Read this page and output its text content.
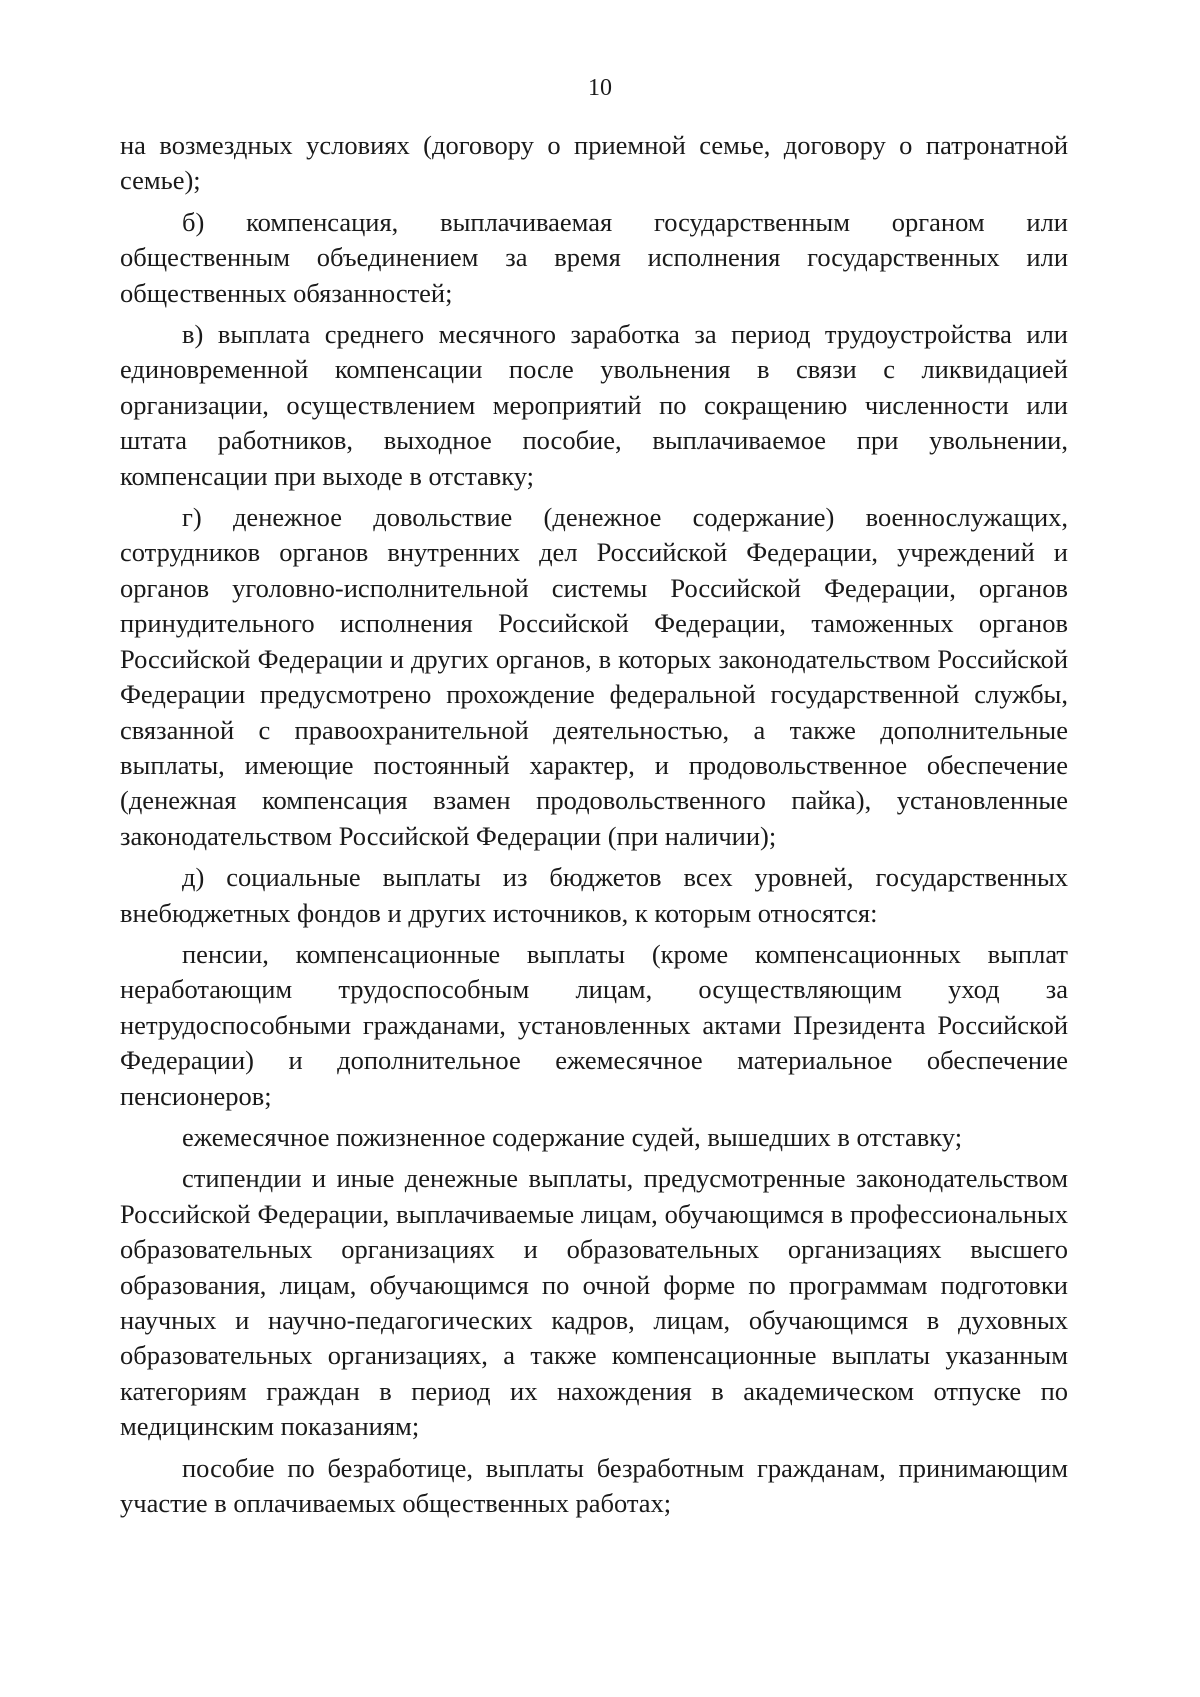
10

на возмездных условиях (договору о приемной семье, договору о патронатной семье);

б) компенсация, выплачиваемая государственным органом или общественным объединением за время исполнения государственных или общественных обязанностей;

в) выплата среднего месячного заработка за период трудоустройства или единовременной компенсации после увольнения в связи с ликвидацией организации, осуществлением мероприятий по сокращению численности или штата работников, выходное пособие, выплачиваемое при увольнении, компенсации при выходе в отставку;

г) денежное довольствие (денежное содержание) военнослужащих, сотрудников органов внутренних дел Российской Федерации, учреждений и органов уголовно-исполнительной системы Российской Федерации, органов принудительного исполнения Российской Федерации, таможенных органов Российской Федерации и других органов, в которых законодательством Российской Федерации предусмотрено прохождение федеральной государственной службы, связанной с правоохранительной деятельностью, а также дополнительные выплаты, имеющие постоянный характер, и продовольственное обеспечение (денежная компенсация взамен продовольственного пайка), установленные законодательством Российской Федерации (при наличии);

д) социальные выплаты из бюджетов всех уровней, государственных внебюджетных фондов и других источников, к которым относятся:

пенсии, компенсационные выплаты (кроме компенсационных выплат неработающим трудоспособным лицам, осуществляющим уход за нетрудоспособными гражданами, установленных актами Президента Российской Федерации) и дополнительное ежемесячное материальное обеспечение пенсионеров;

ежемесячное пожизненное содержание судей, вышедших в отставку;

стипендии и иные денежные выплаты, предусмотренные законодательством Российской Федерации, выплачиваемые лицам, обучающимся в профессиональных образовательных организациях и образовательных организациях высшего образования, лицам, обучающимся по очной форме по программам подготовки научных и научно-педагогических кадров, лицам, обучающимся в духовных образовательных организациях, а также компенсационные выплаты указанным категориям граждан в период их нахождения в академическом отпуске по медицинским показаниям;

пособие по безработице, выплаты безработным гражданам, принимающим участие в оплачиваемых общественных работах;
